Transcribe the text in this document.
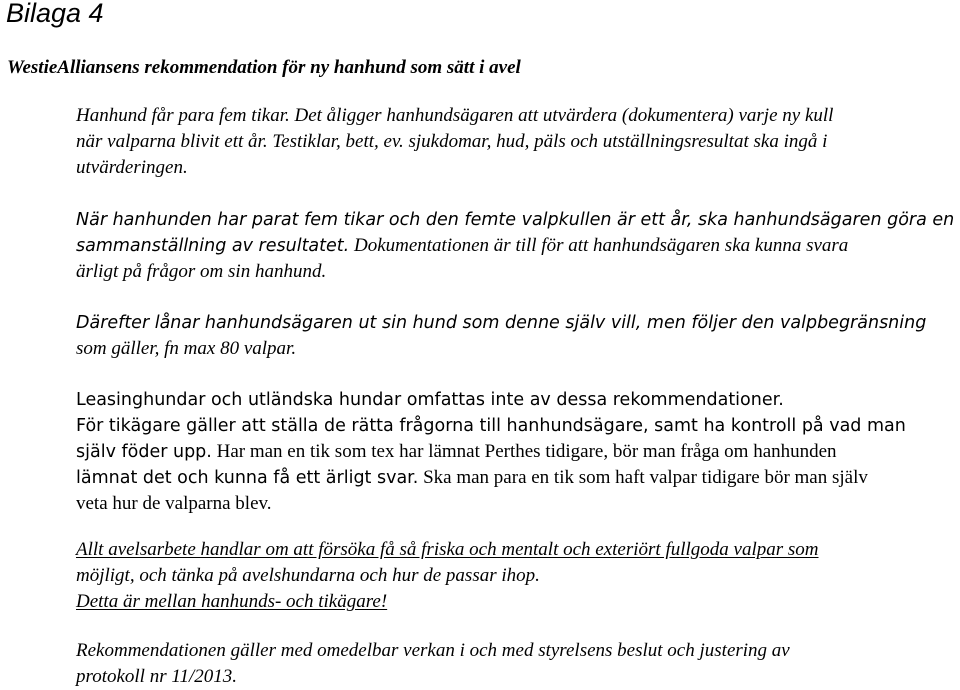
Bilaga 4
WestieAlliansens rekommendation för ny hanhund som sätt i avel
Hanhund får para fem tikar. Det åligger hanhundsägaren att utvärdera (dokumentera) varje ny kull
när valparna blivit ett år. Testiklar, bett, ev. sjukdomar, hud, päls och utställningsresultat ska ingå i
utvärderingen.
När hanhunden har parat fem tikar och den femte valpkullen är ett år, ska hanhundsägaren göra en
sammanställning av resultatet. Dokumentationen är till för att hanhundsägaren ska kunna svara
ärligt på frågor om sin hanhund.
Därefter lånar hanhundsägaren ut sin hund som denne själv vill, men följer den valpbegränsning
som gäller, fn max 80 valpar.
Leasinghundar och utländska hundar omfattas inte av dessa rekommendationer.
För tikägare gäller att ställa de rätta frågorna till hanhundsägare, samt ha kontroll på vad man
själv föder upp. Har man en tik som tex har lämnat Perthes tidigare, bör man fråga om hanhunden
lämnat det och kunna få ett ärligt svar. Ska man para en tik som haft valpar tidigare bör man själv
veta hur de valparna blev.
Allt avelsarbete handlar om att försöka få så friska och mentalt och exteriört fullgoda valpar som
möjligt, och tänka på avelshundarna och hur de passar ihop.
Detta är mellan hanhunds- och tikägare!
Rekommendationen gäller med omedelbar verkan i och med styrelsens beslut och justering av
protokoll nr 11/2013.
